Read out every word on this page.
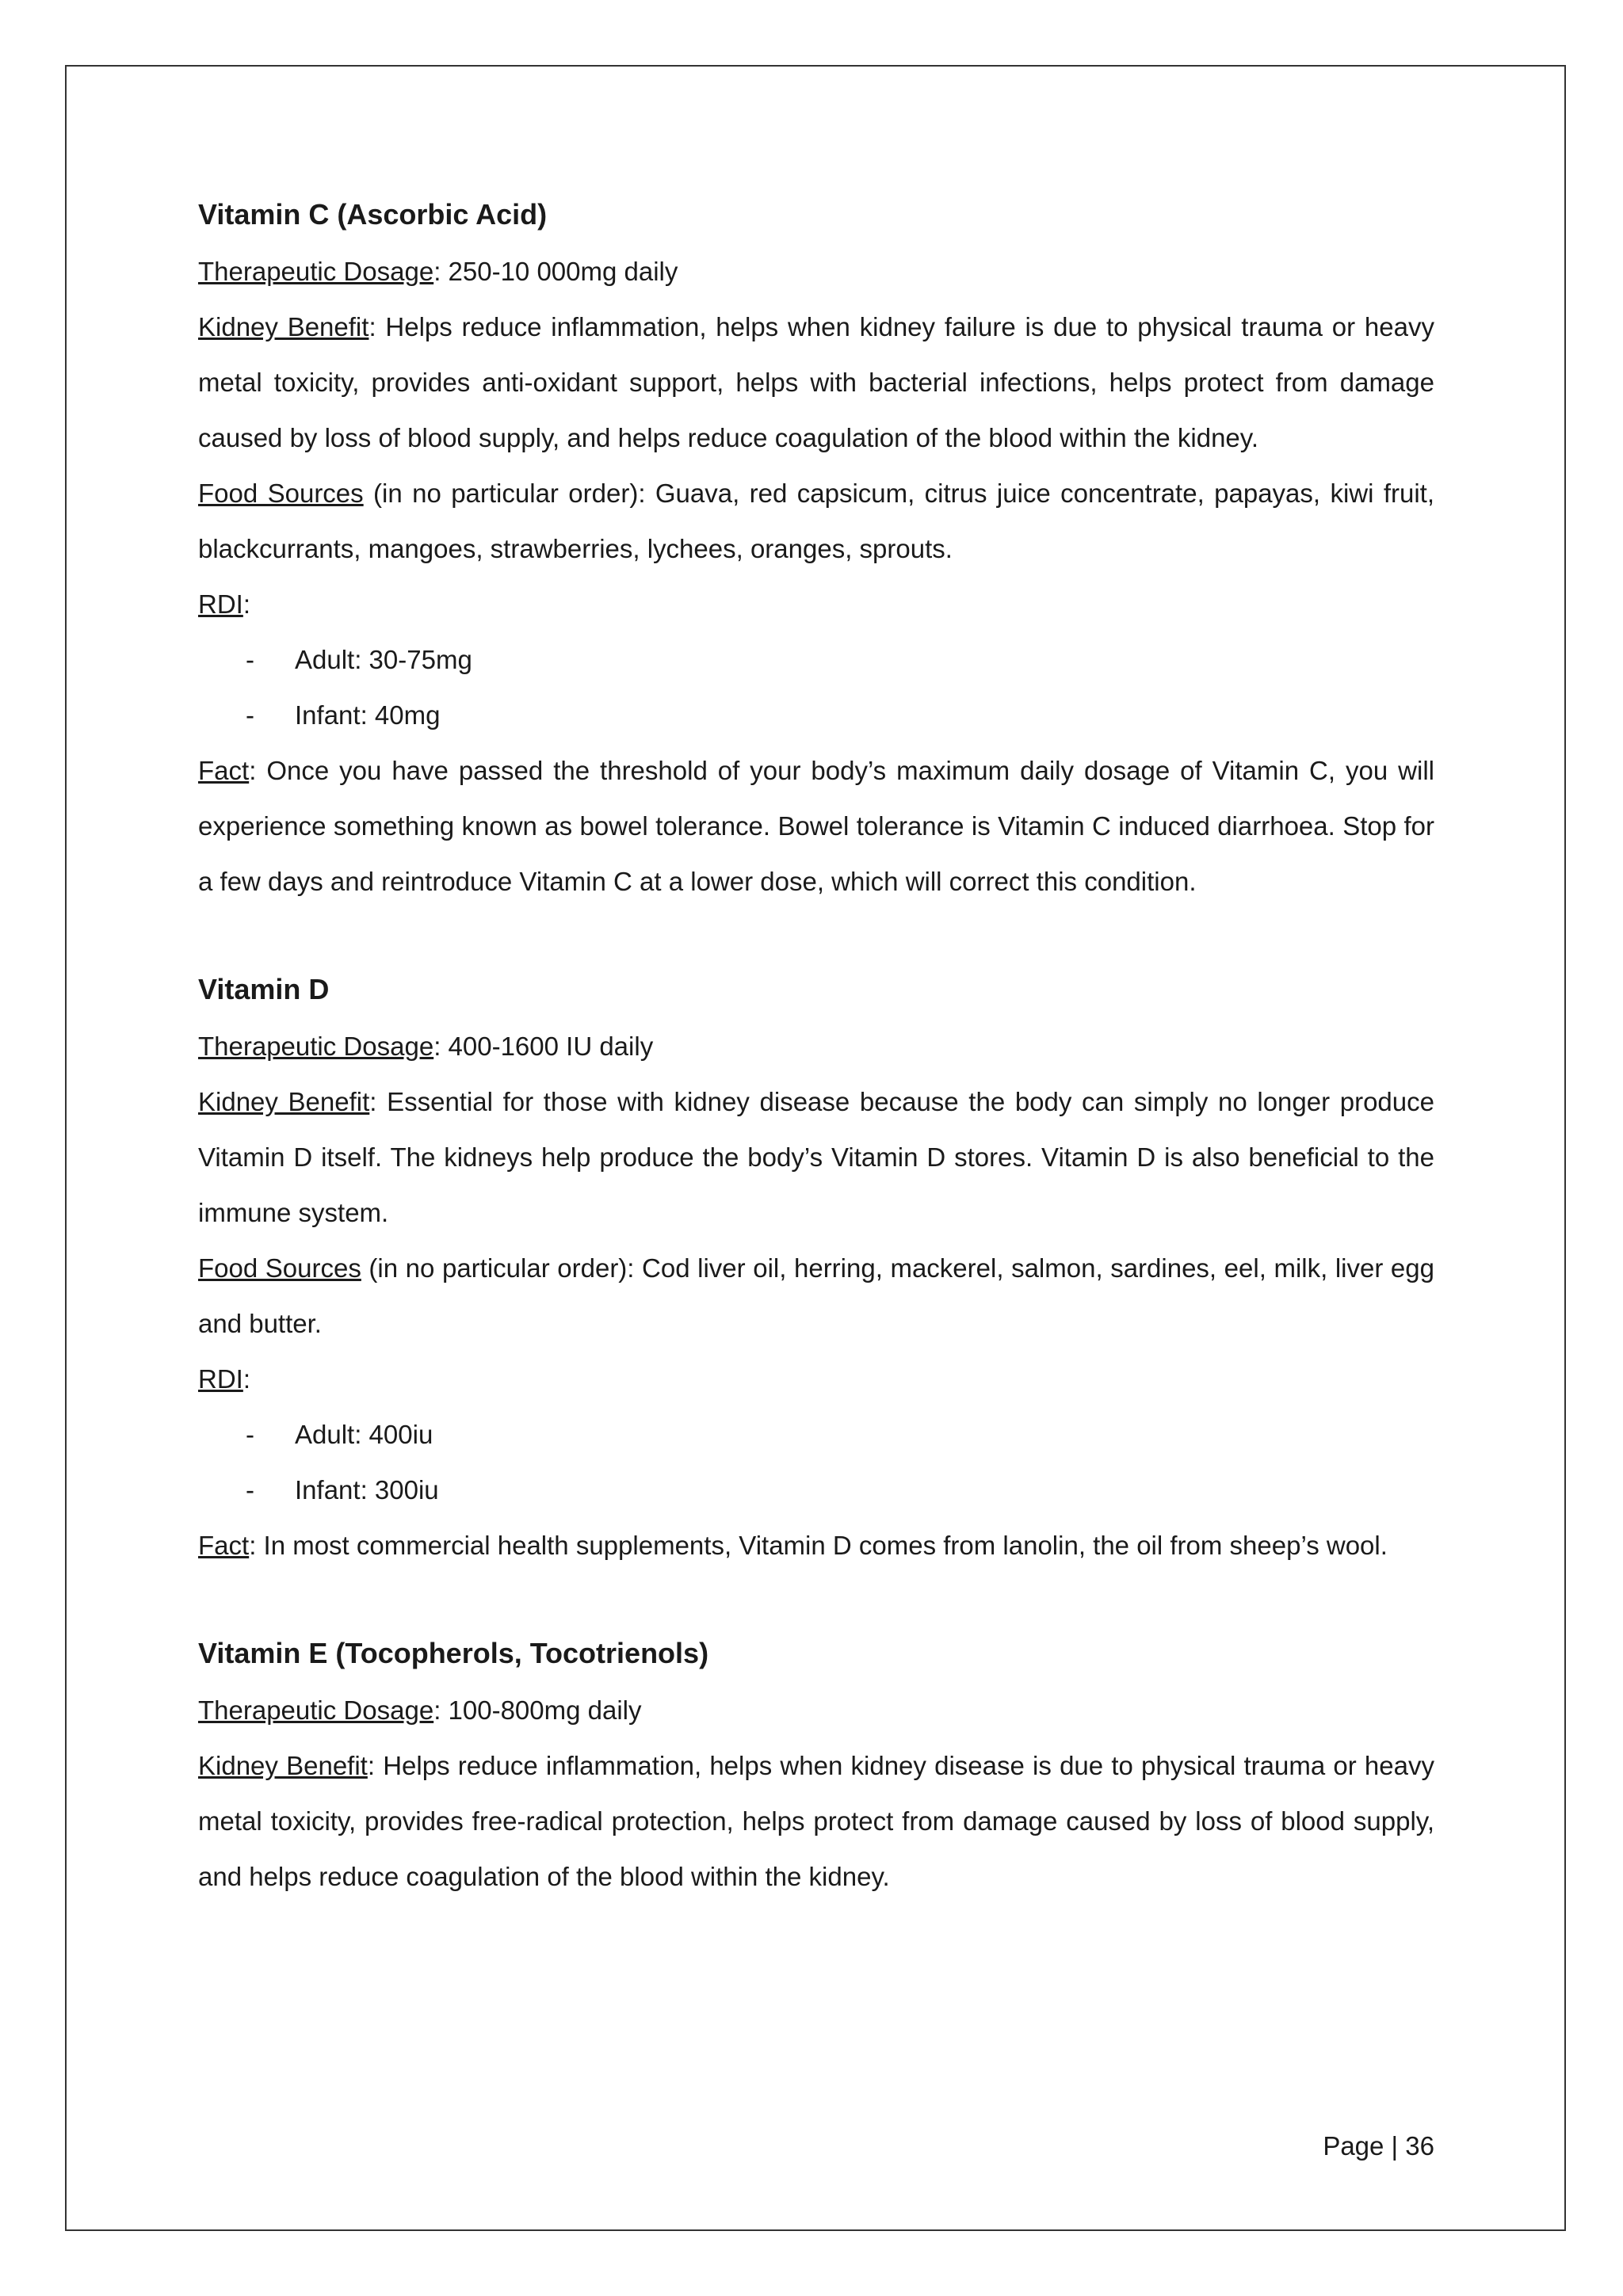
Vitamin C (Ascorbic Acid)

Therapeutic Dosage: 250-10 000mg daily

Kidney Benefit: Helps reduce inflammation, helps when kidney failure is due to physical trauma or heavy metal toxicity, provides anti-oxidant support, helps with bacterial infections, helps protect from damage caused by loss of blood supply, and helps reduce coagulation of the blood within the kidney.

Food Sources (in no particular order): Guava, red capsicum, citrus juice concentrate, papayas, kiwi fruit, blackcurrants, mangoes, strawberries, lychees, oranges, sprouts.

RDI:

-	Adult: 30-75mg
-	Infant: 40mg

Fact: Once you have passed the threshold of your body’s maximum daily dosage of Vitamin C, you will experience something known as bowel tolerance. Bowel tolerance is Vitamin C induced diarrhoea. Stop for a few days and reintroduce Vitamin C at a lower dose, which will correct this condition.

Vitamin D

Therapeutic Dosage: 400-1600 IU daily

Kidney Benefit: Essential for those with kidney disease because the body can simply no longer produce Vitamin D itself. The kidneys help produce the body’s Vitamin D stores. Vitamin D is also beneficial to the immune system.

Food Sources (in no particular order): Cod liver oil, herring, mackerel, salmon, sardines, eel, milk, liver egg and butter.

RDI:

-	Adult: 400iu
-	Infant: 300iu

Fact: In most commercial health supplements, Vitamin D comes from lanolin, the oil from sheep’s wool.

Vitamin E (Tocopherols, Tocotrienols)

Therapeutic Dosage: 100-800mg daily

Kidney Benefit: Helps reduce inflammation, helps when kidney disease is due to physical trauma or heavy metal toxicity, provides free-radical protection, helps protect from damage caused by loss of blood supply, and helps reduce coagulation of the blood within the kidney.

Page | 36
